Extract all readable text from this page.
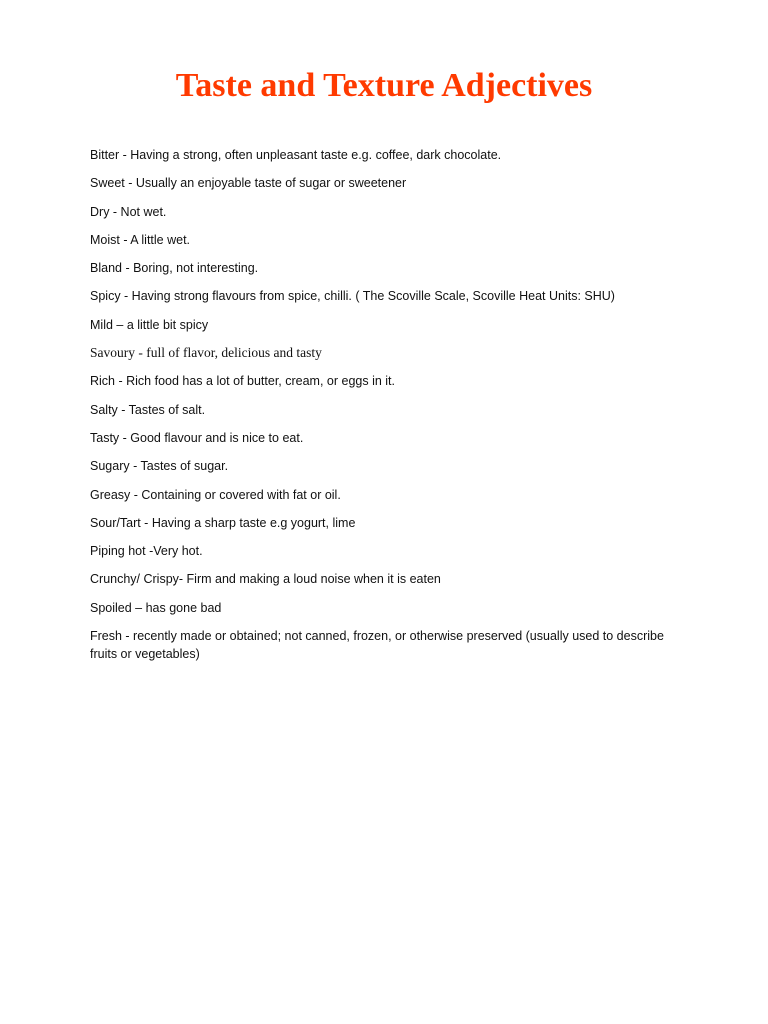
Taste and Texture Adjectives
Bitter - Having a strong, often unpleasant taste e.g. coffee, dark chocolate.
Sweet - Usually an enjoyable taste of sugar or sweetener
Dry - Not wet.
Moist - A little wet.
Bland - Boring, not interesting.
Spicy - Having strong flavours from spice, chilli. ( The Scoville Scale, Scoville Heat Units: SHU)
Mild – a little bit spicy
Savoury - full of flavor, delicious and tasty
Rich - Rich food has a lot of butter, cream, or eggs in it.
Salty - Tastes of salt.
Tasty - Good flavour and is nice to eat.
Sugary - Tastes of sugar.
Greasy - Containing or covered with fat or oil.
Sour/Tart - Having a sharp taste e.g yogurt, lime
Piping hot -Very hot.
Crunchy/ Crispy- Firm and making a loud noise when it is eaten
Spoiled – has gone bad
Fresh - recently made or obtained; not canned, frozen, or otherwise preserved (usually used to describe fruits or vegetables)
